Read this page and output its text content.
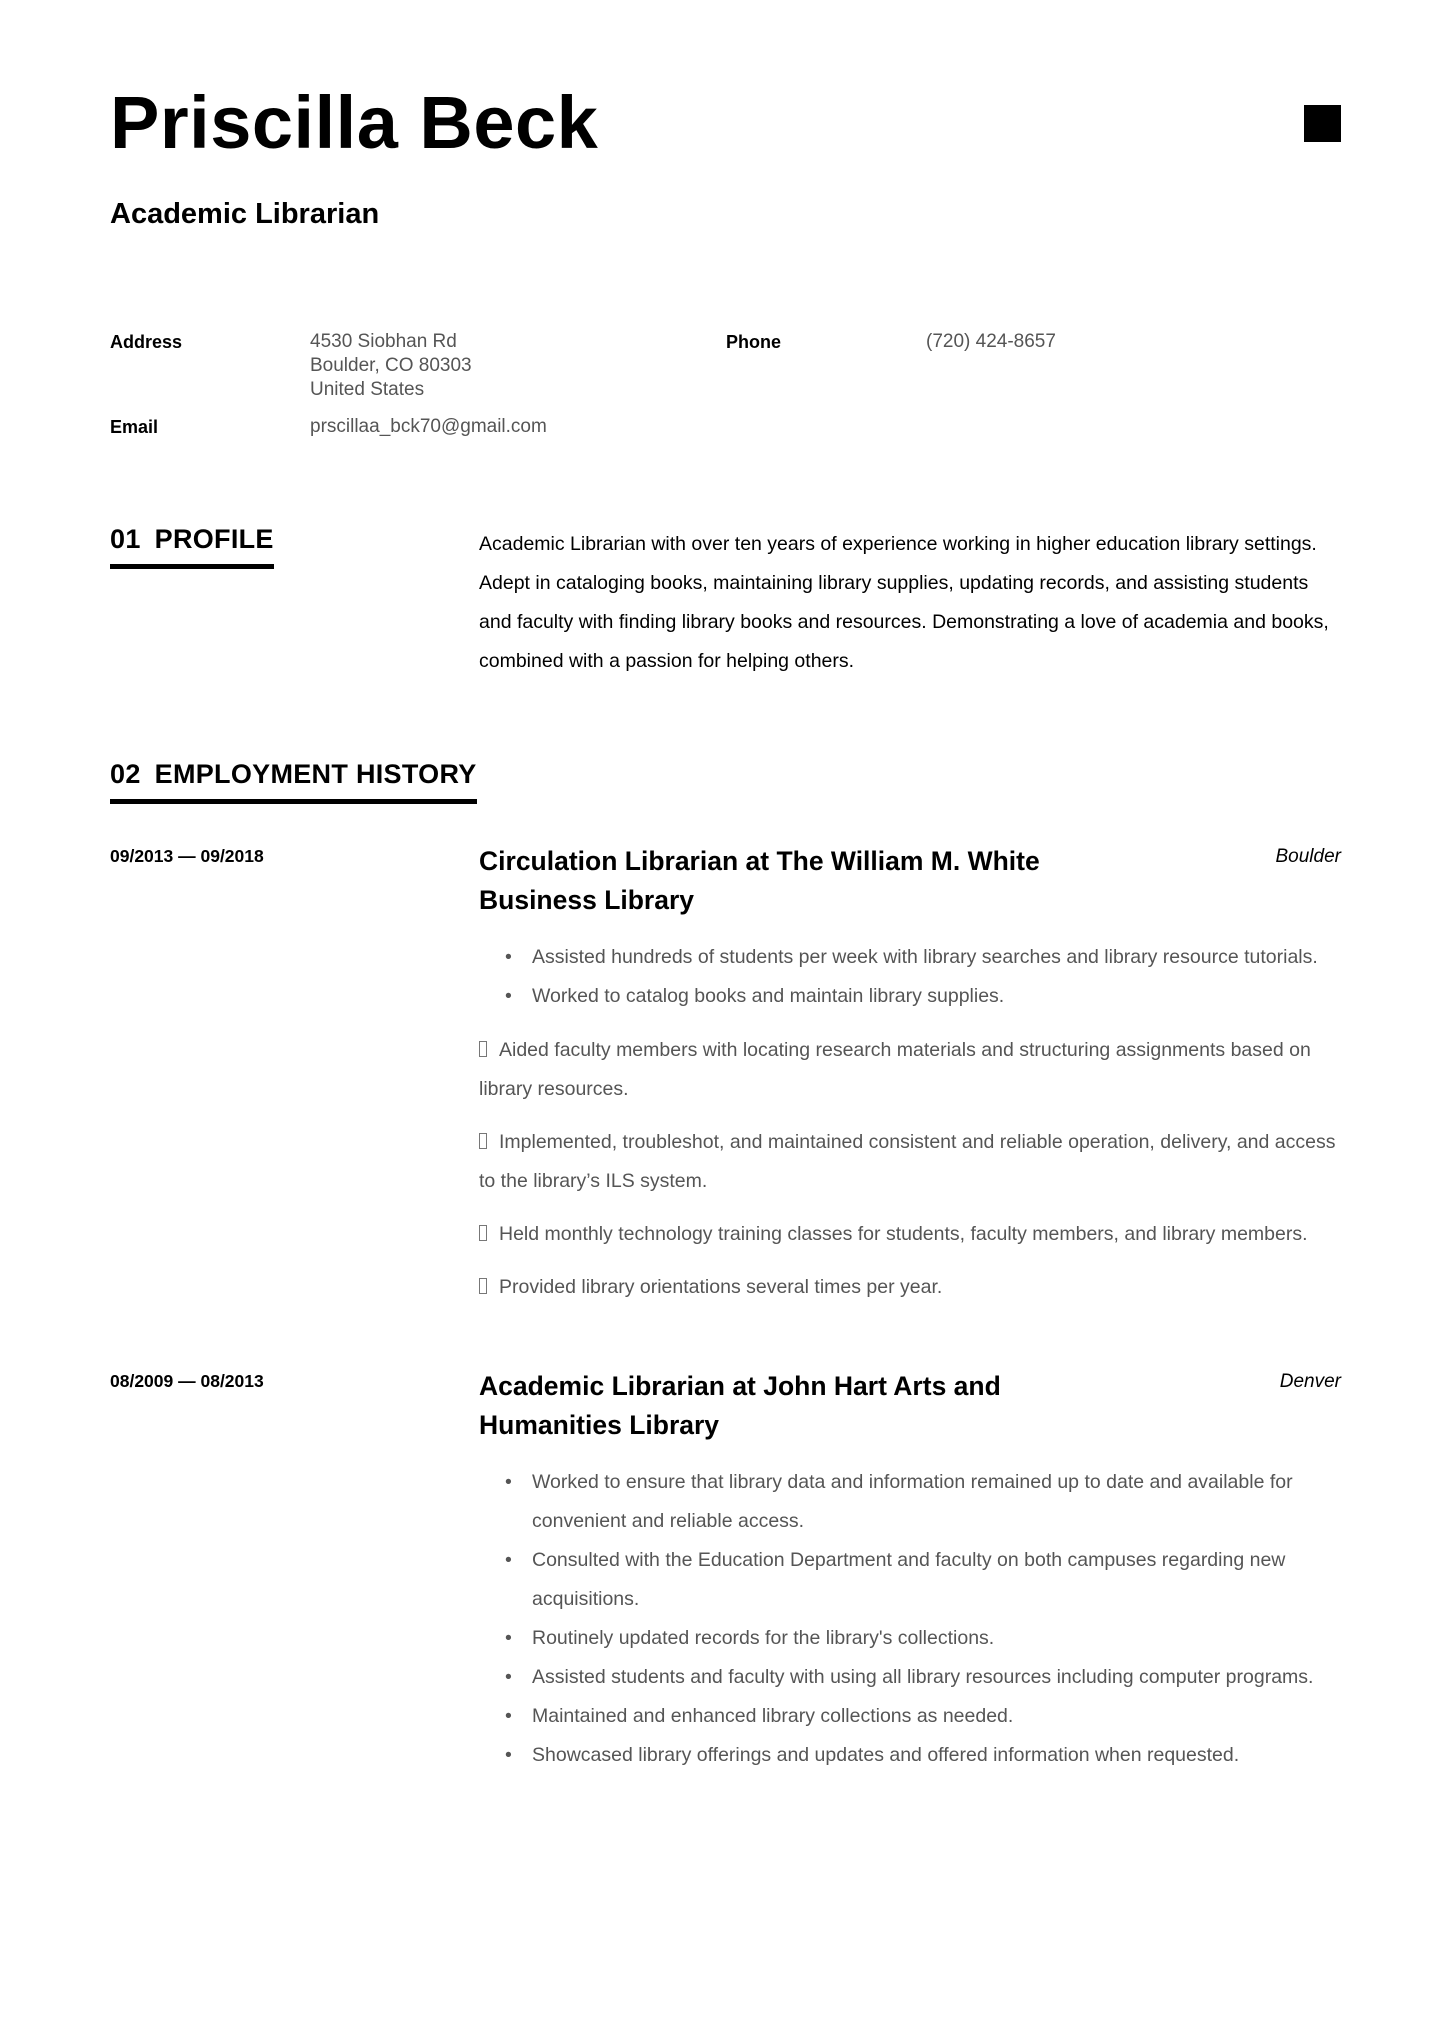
Priscilla Beck
Academic Librarian
Address	4530 Siobhan Rd
Boulder, CO 80303
United States
Phone	(720) 424-8657
Email	prscillaa_bck70@gmail.com
01 PROFILE	Academic Librarian with over ten years of experience working in higher education library settings. Adept in cataloging books, maintaining library supplies, updating records, and assisting students and faculty with finding library books and resources. Demonstrating a love of academia and books, combined with a passion for helping others.

02 EMPLOYMENT HISTORY
09/2013 — 09/2018	Circulation Librarian at The William M. White Business Library
Boulder
• Assisted hundreds of students per week with library searches and library resource tutorials.
• Worked to catalog books and maintain library supplies.

Aided faculty members with locating research materials and structuring assignments based on library resources.

Implemented, troubleshot, and maintained consistent and reliable operation, delivery, and access to the library’s ILS system.

Held monthly technology training classes for students, faculty members, and library members.

Provided library orientations several times per year.

08/2009 — 08/2013	Academic Librarian at John Hart Arts and Humanities Library
Denver
• Worked to ensure that library data and information remained up to date and available for convenient and reliable access.
• Consulted with the Education Department and faculty on both campuses regarding new acquisitions.
• Routinely updated records for the library's collections.
• Assisted students and faculty with using all library resources including computer programs.
• Maintained and enhanced library collections as needed.
• Showcased library offerings and updates and offered information when requested.
